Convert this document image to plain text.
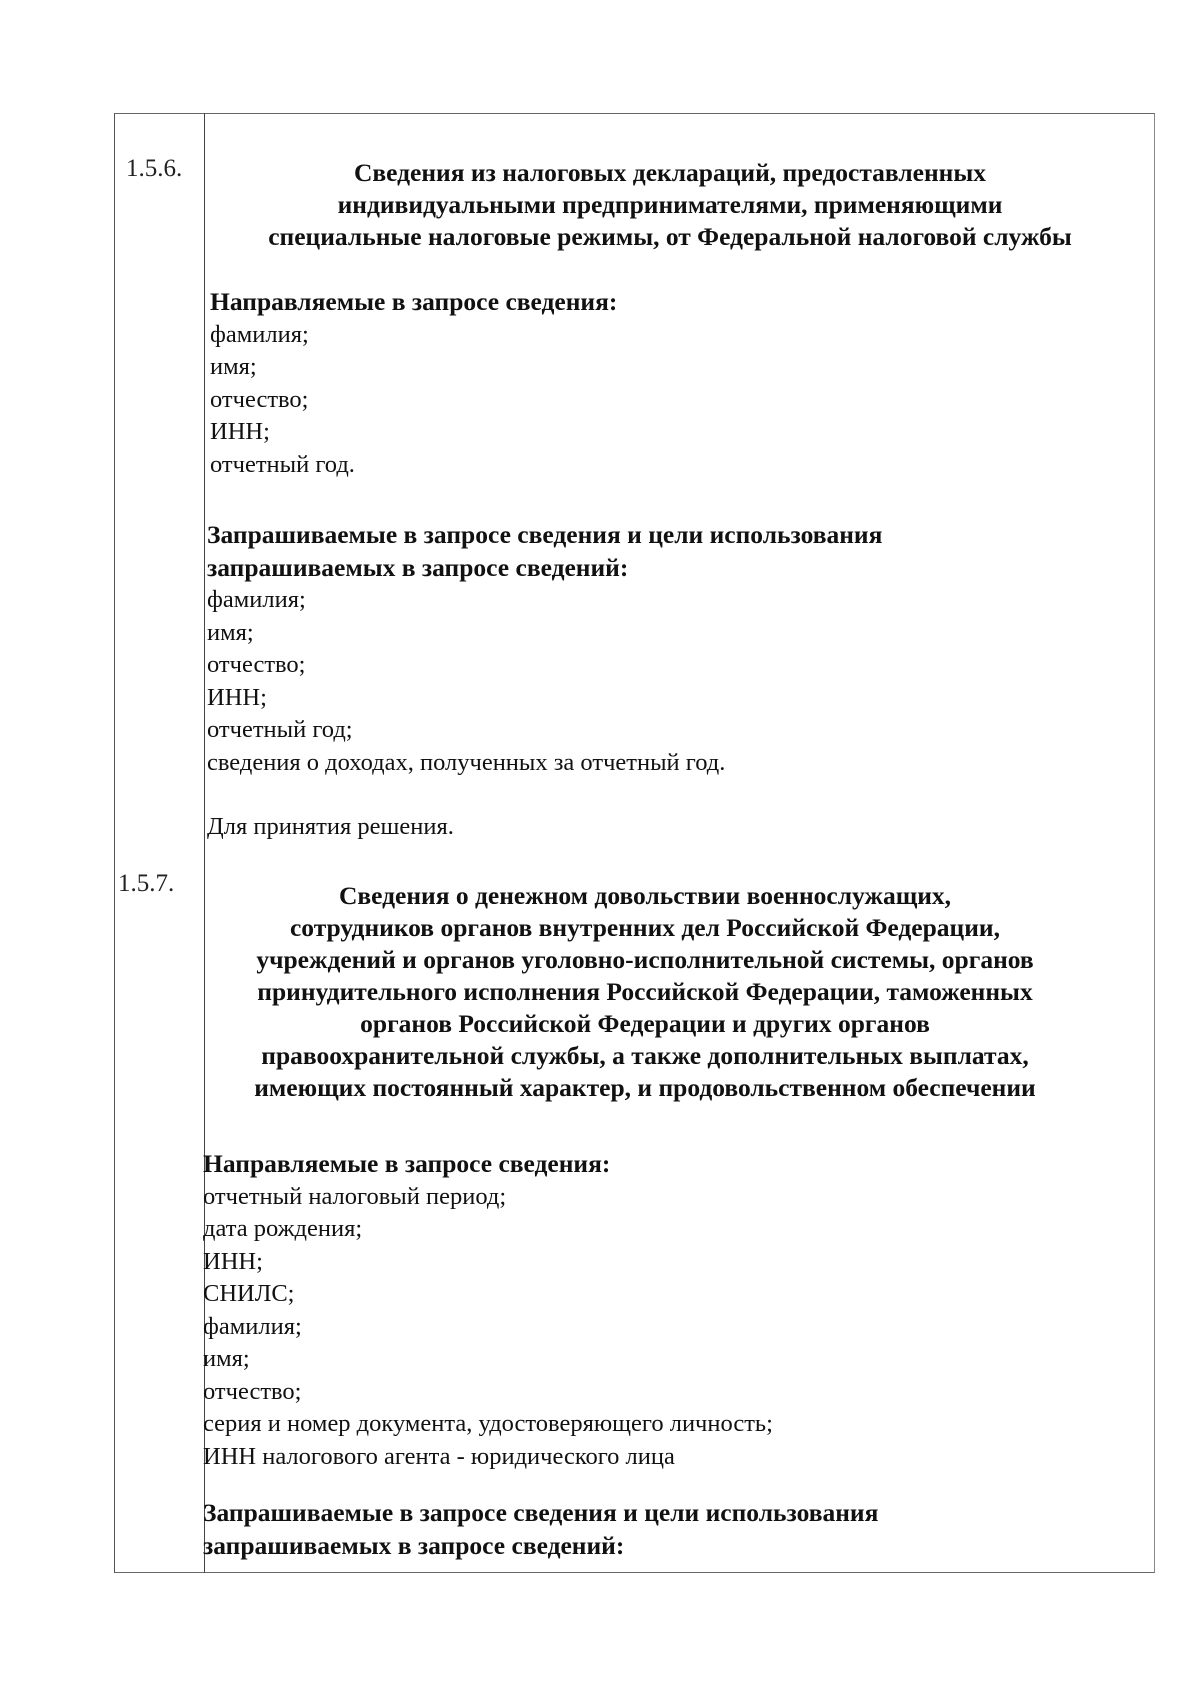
1.5.6.	Сведения из налоговых деклараций, предоставленных

индивидуальными предпринимателями, применяющими

специальные налоговые режимы, от Федеральной налоговой службы

Направляемые в запросе сведения:

фамилия;

имя;

отчество;

ИНН;

отчетный год.

Запрашиваемые в запросе сведения и цели использования
запрашиваемых в запросе сведений:

фамилия;

имя;

отчество;

ИНН;

отчетный год;

сведения о доходах, полученных за отчетный год.

Для принятия решения.
1.5.7.	Сведения о денежном довольствии военнослужащих,

сотрудников органов внутренних дел Российской Федерации,

учреждений и органов уголовно-исполнительной системы, органов

принудительного исполнения Российской Федерации, таможенных

органов Российской Федерации и других органов

правоохранительной службы, а также дополнительных выплатах,

имеющих постоянный характер, и продовольственном обеспечении

Направляемые в запросе сведения:

отчетный налоговый период;

дата рождения;

ИНН;

СНИЛС;

фамилия;

имя;

отчество;

серия и номер документа, удостоверяющего личность;

ИНН налогового агента - юридического лица

Запрашиваемые в запросе сведения и цели использования
запрашиваемых в запросе сведений:
